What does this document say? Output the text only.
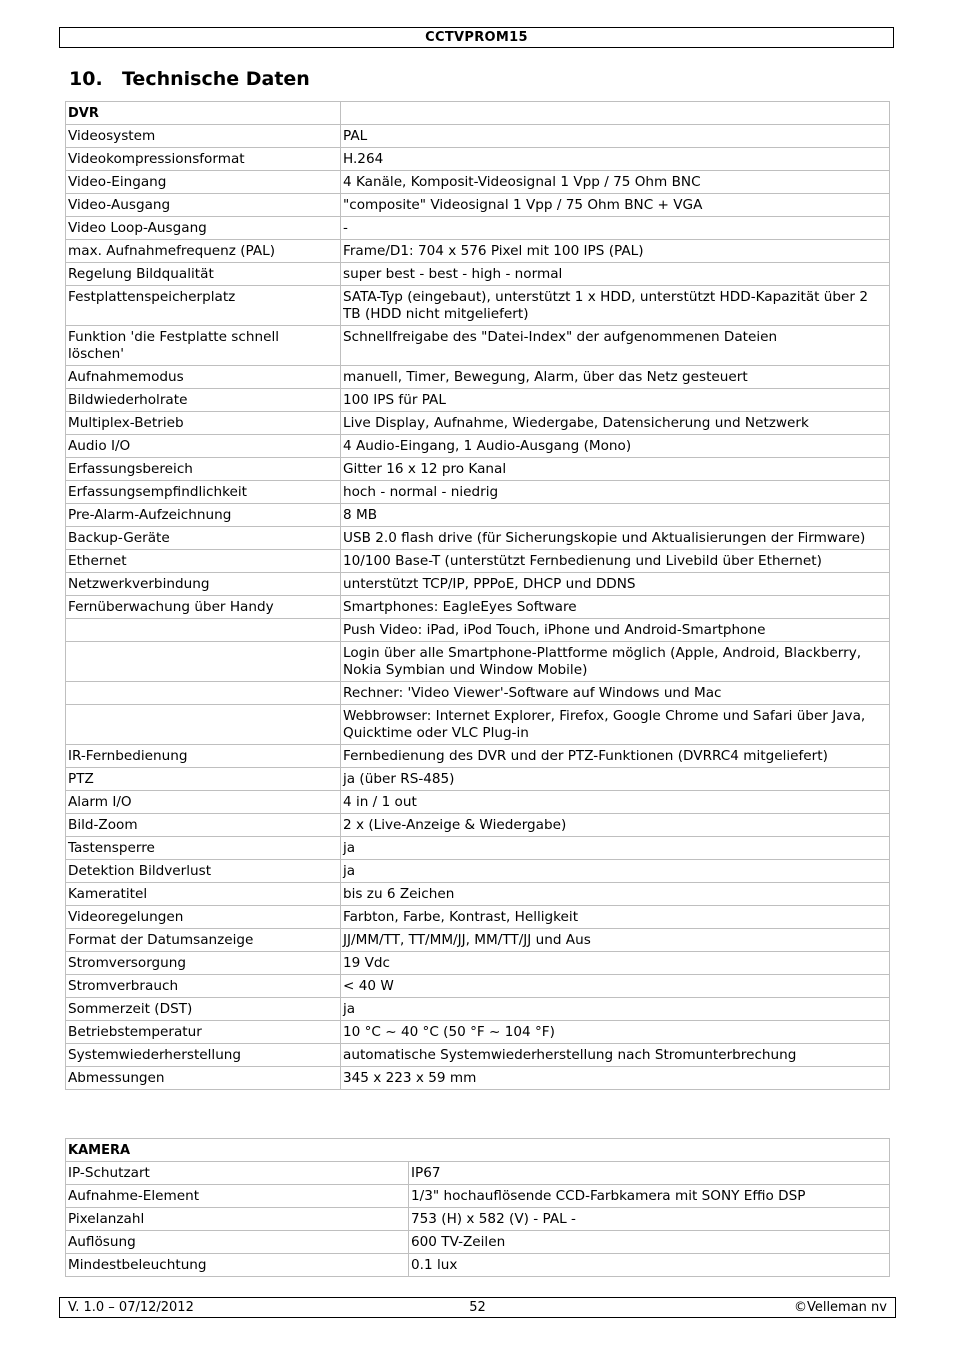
CCTVPROM15
10. Technische Daten
DVR	
Videosystem	PAL
Videokompressionsformat	H.264
Video-Eingang	4 Kanäle, Komposit-Videosignal 1 Vpp / 75 Ohm BNC
Video-Ausgang	"composite" Videosignal 1 Vpp / 75 Ohm BNC + VGA
Video Loop-Ausgang	-
max. Aufnahmefrequenz (PAL)	Frame/D1: 704 x 576 Pixel mit 100 IPS (PAL)
Regelung Bildqualität	super best - best - high - normal
Festplattenspeicherplatz	SATA-Typ (eingebaut), unterstützt 1 x HDD, unterstützt HDD-Kapazität über 2 TB (HDD nicht mitgeliefert)
Funktion 'die Festplatte schnell löschen'	Schnellfreigabe des "Datei-Index" der aufgenommenen Dateien
Aufnahmemodus	manuell, Timer, Bewegung, Alarm, über das Netz gesteuert
Bildwiederholrate	100 IPS für PAL
Multiplex-Betrieb	Live Display, Aufnahme, Wiedergabe, Datensicherung und Netzwerk
Audio I/O	4 Audio-Eingang, 1 Audio-Ausgang (Mono)
Erfassungsbereich	Gitter 16 x 12 pro Kanal
Erfassungsempfindlichkeit	hoch - normal - niedrig
Pre-Alarm-Aufzeichnung	8 MB
Backup-Geräte	USB 2.0 flash drive (für Sicherungskopie und Aktualisierungen der Firmware)
Ethernet	10/100 Base-T (unterstützt Fernbedienung und Livebild über Ethernet)
Netzwerkverbindung	unterstützt TCP/IP, PPPoE, DHCP und DDNS
Fernüberwachung über Handy	Smartphones: EagleEyes Software
	Push Video: iPad, iPod Touch, iPhone und Android-Smartphone
	Login über alle Smartphone-Plattforme möglich (Apple, Android, Blackberry, Nokia Symbian und Window Mobile)
	Rechner: 'Video Viewer'-Software auf Windows und Mac
	Webbrowser: Internet Explorer, Firefox, Google Chrome und Safari über Java, Quicktime oder VLC Plug-in
IR-Fernbedienung	Fernbedienung des DVR und der PTZ-Funktionen (DVRRC4 mitgeliefert)
PTZ	ja (über RS-485)
Alarm I/O	4 in / 1 out
Bild-Zoom	2 x (Live-Anzeige & Wiedergabe)
Tastensperre	ja
Detektion Bildverlust	ja
Kameratitel	bis zu 6 Zeichen
Videoregelungen	Farbton, Farbe, Kontrast, Helligkeit
Format der Datumsanzeige	JJ/MM/TT, TT/MM/JJ, MM/TT/JJ und Aus
Stromversorgung	19 Vdc
Stromverbrauch	< 40 W
Sommerzeit (DST)	ja
Betriebstemperatur	10 °C ~ 40 °C (50 °F ~ 104 °F)
Systemwiederherstellung	automatische Systemwiederherstellung nach Stromunterbrechung
Abmessungen	345 x 223 x 59 mm
KAMERA	
IP-Schutzart	IP67
Aufnahme-Element	1/3" hochauflösende CCD-Farbkamera mit SONY Effio DSP
Pixelanzahl	753 (H) x 582 (V) - PAL -
Auflösung	600 TV-Zeilen
Mindestbeleuchtung	0.1 lux
V. 1.0 – 07/12/2012	52	©Velleman nv
